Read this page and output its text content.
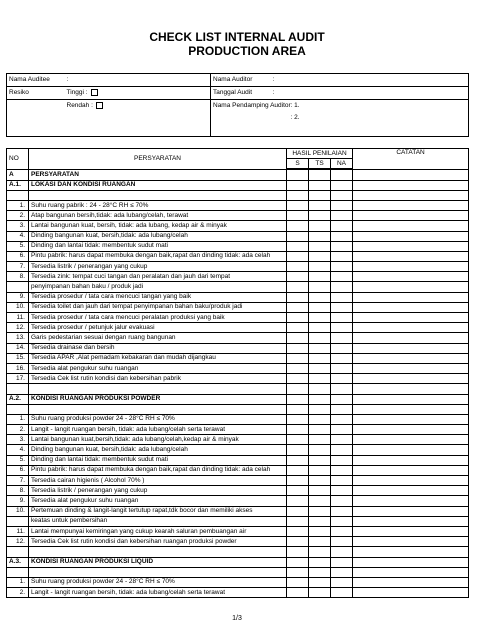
CHECK LIST INTERNAL AUDIT
PRODUCTION AREA
Nama Auditee	:	Nama Auditor	:
Resiko	Tinggi :	Tanggal Audit	:
	Rendah :	Nama Pendamping Auditor	: 1.
			: 2.

NO	PERSYARATAN	HASIL PENILAIAN			CATATAN
		S	TS	NA	
A	PERSYARATAN				
A.1.	LOKASI DAN KONDISI RUANGAN				

1.	Suhu ruang pabrik : 24 - 28°C RH ≤ 70%				
2.	Atap bangunan bersih,tidak: ada lubang/celah, terawat				
3.	Lantai bangunan kuat, bersih, tidak: ada lubang, kedap air & minyak				
4.	Dinding bangunan kuat, bersih,tidak: ada lubang/celah				
5.	Dinding dan lantai tidak: membentuk sudut mati				
6.	Pintu pabrik: harus dapat membuka dengan baik,rapat dan dinding tidak: ada celah				
7.	Tersedia listrik / penerangan yang cukup				
8.	Tersedia zink: tempat cuci tangan dan peralatan dan jauh dari tempat				
	penyimpanan bahan baku / produk jadi				
9.	Tersedia prosedur / tata cara mencuci tangan yang baik				
10.	Tersedia toilet dan jauh dari tempat penyimpanan bahan baku/produk jadi				
11.	Tersedia prosedur / tata cara mencuci peralatan produksi yang baik				
12.	Tersedia prosedur / petunjuk jalur evakuasi				
13.	Garis pedestarian sesuai dengan ruang bangunan				
14.	Tersedia drainase dan bersih				
15.	Tersedia APAR ,Alat pemadam kebakaran dan mudah dijangkau				
16.	Tersedia alat pengukur suhu ruangan				
17.	Tersedia Cek list rutin kondisi dan kebersihan pabrik				

A.2.	KONDISI RUANGAN PRODUKSI POWDER				

1.	Suhu ruang produksi powder 24 - 28°C RH ≤ 70%				
2.	Langit - langit ruangan bersih, tidak: ada lubang/celah serta terawat				
3.	Lantai bangunan kuat,bersih,tidak: ada lubang/celah,kedap air & minyak				
4.	Dinding bangunan kuat, bersih,tidak: ada lubang/celah				
5.	Dinding dan lantai tidak: membentuk sudut mati				
6.	Pintu pabrik: harus dapat membuka dengan baik,rapat dan dinding tidak: ada celah				
7.	Tersedia cairan higienis ( Alcohol 70% )				
8.	Tersedia listrik / penerangan yang cukup				
9.	Tersedia alat pengukur suhu ruangan				
10.	Pertemuan dinding & langit-langit tertutup rapat,tdk bocor dan memiliki akses				
	keatas untuk pembersihan				
11.	Lantai mempunyai kemiringan yang cukup kearah saluran pembuangan air				
12.	Tersedia Cek list rutin kondisi dan kebersihan ruangan produksi powder				

A.3.	KONDISI RUANGAN PRODUKSI LIQUID				

1.	Suhu ruang produksi powder 24 - 28°C RH ≤ 70%				
2.	Langit - langit ruangan bersih, tidak: ada lubang/celah serta terawat				
1/3
